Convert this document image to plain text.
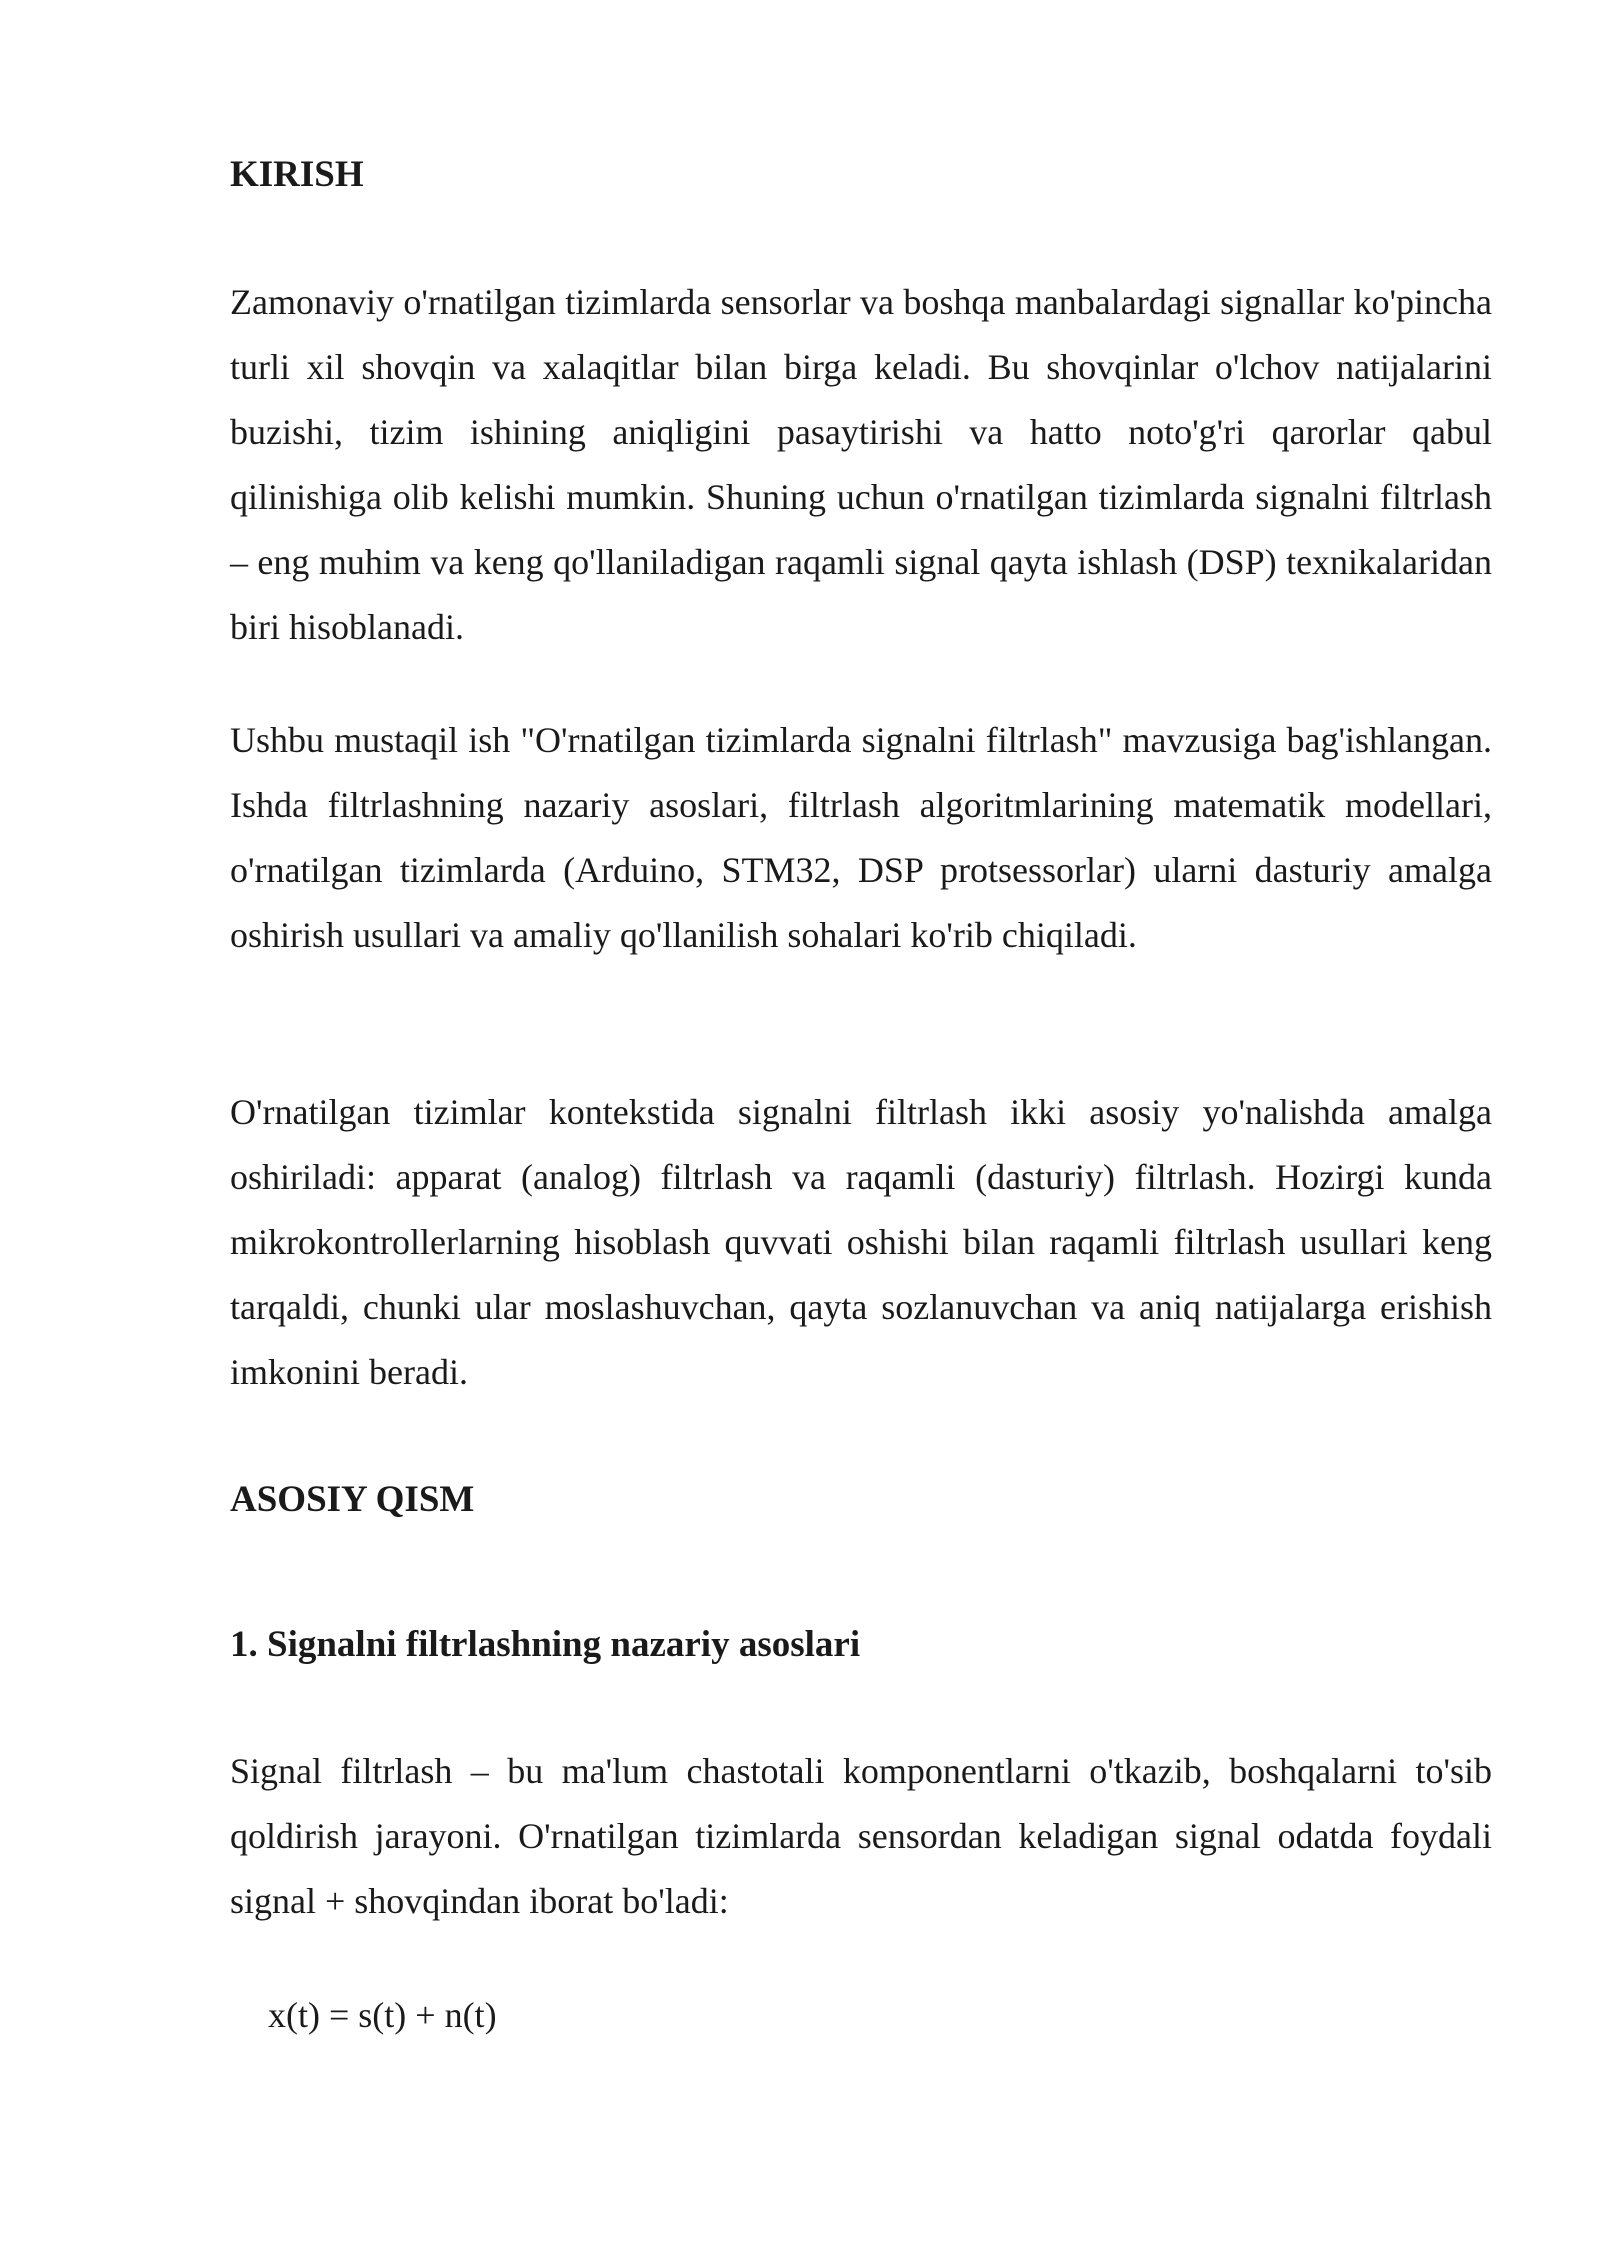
KIRISH

Zamonaviy o'rnatilgan tizimlarda sensorlar va boshqa manbalardagi signallar ko'pincha turli xil shovqin va xalaqitlar bilan birga keladi. Bu shovqinlar o'lchov natijalarini buzishi, tizim ishining aniqligini pasaytirishi va hatto noto'g'ri qarorlar qabul qilinishiga olib kelishi mumkin. Shuning uchun o'rnatilgan tizimlarda signalni filtrlash – eng muhim va keng qo'llaniladigan raqamli signal qayta ishlash (DSP) texnikalaridan biri hisoblanadi.

Ushbu mustaqil ish "O'rnatilgan tizimlarda signalni filtrlash" mavzusiga bag'ishlangan. Ishda filtrlashning nazariy asoslari, filtrlash algoritmlarining matematik modellari, o'rnatilgan tizimlarda (Arduino, STM32, DSP protsessorlar) ularni dasturiy amalga oshirish usullari va amaliy qo'llanilish sohalari ko'rib chiqiladi.

O'rnatilgan tizimlar kontekstida signalni filtrlash ikki asosiy yo'nalishda amalga oshiriladi: apparat (analog) filtrlash va raqamli (dasturiy) filtrlash. Hozirgi kunda mikrokontrollerlarning hisoblash quvvati oshishi bilan raqamli filtrlash usullari keng tarqaldi, chunki ular moslashuvchan, qayta sozlanuvchan va aniq natijalarga erishish imkonini beradi.

ASOSIY QISM
1. Signalni filtrlashning nazariy asoslari

Signal filtrlash – bu ma'lum chastotali komponentlarni o'tkazib, boshqalarni to'sib qoldirish jarayoni. O'rnatilgan tizimlarda sensordan keladigan signal odatda foydali signal + shovqindan iborat bo'ladi:

x(t) = s(t) + n(t)
